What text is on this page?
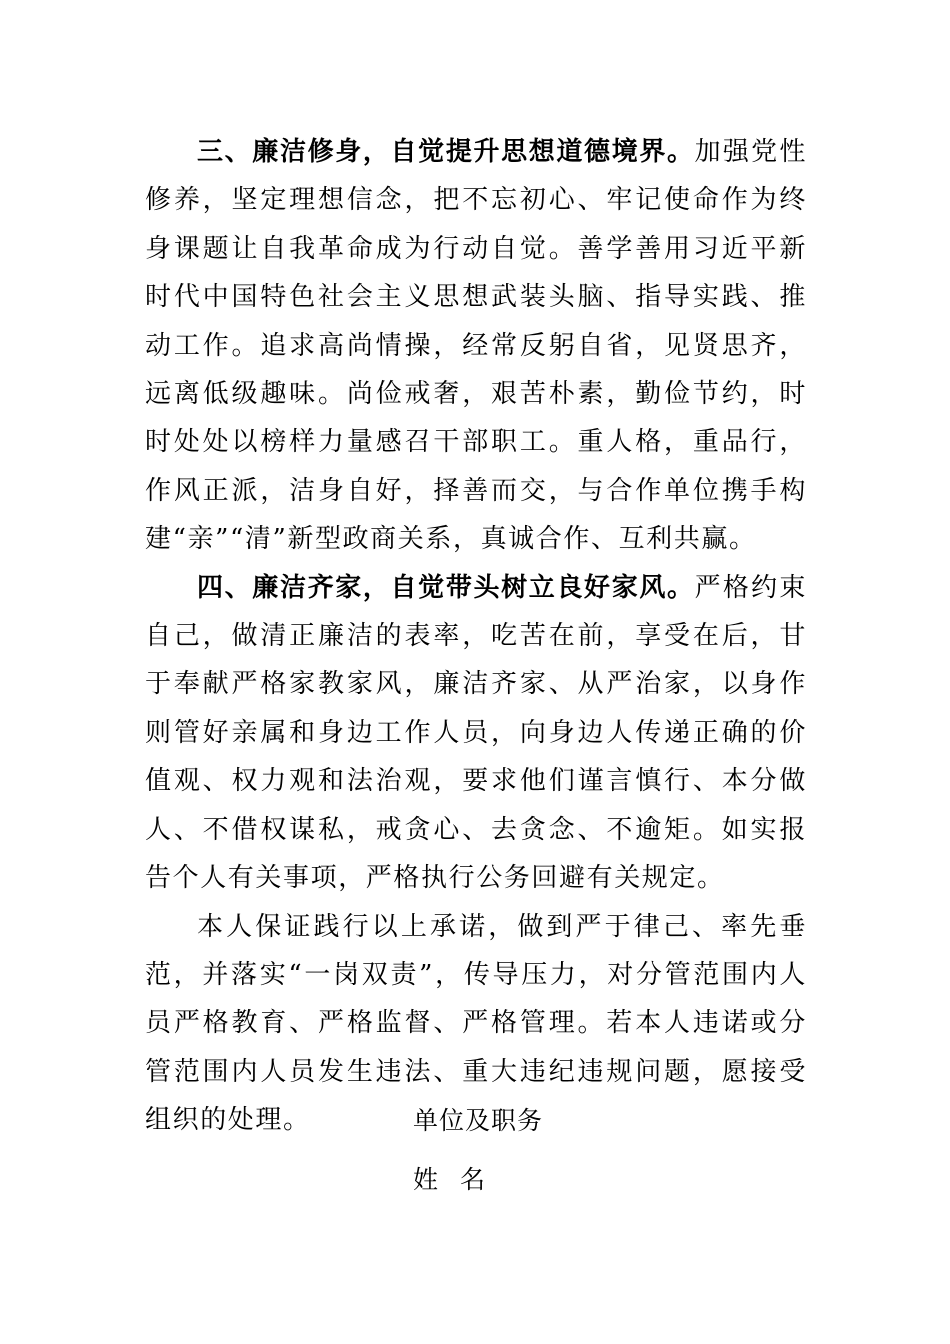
三、廉洁修身，自觉提升思想道德境界。加强党性修养，坚定理想信念，把不忘初心、牢记使命作为终身课题让自我革命成为行动自觉。善学善用习近平新时代中国特色社会主义思想武装头脑、指导实践、推动工作。追求高尚情操，经常反躬自省，见贤思齐，远离低级趣味。尚俭戒奢，艰苦朴素，勤俭节约，时时处处以榜样力量感召干部职工。重人格，重品行，作风正派，洁身自好，择善而交，与合作单位携手构建“亲”“清”新型政商关系，真诚合作、互利共赢。

四、廉洁齐家，自觉带头树立良好家风。严格约束自己，做清正廉洁的表率，吃苦在前，享受在后，甘于奉献严格家教家风，廉洁齐家、从严治家，以身作则管好亲属和身边工作人员，向身边人传递正确的价值观、权力观和法治观，要求他们谨言慎行、本分做人、不借权谋私，戒贪心、去贪念、不逾矩。如实报告个人有关事项，严格执行公务回避有关规定。

本人保证践行以上承诺，做到严于律己、率先垂范，并落实“一岗双责”，传导压力，对分管范围内人员严格教育、严格监督、严格管理。若本人违诺或分管范围内人员发生违法、重大违纪违规问题，愿接受组织的处理。	单位及职务

姓名
